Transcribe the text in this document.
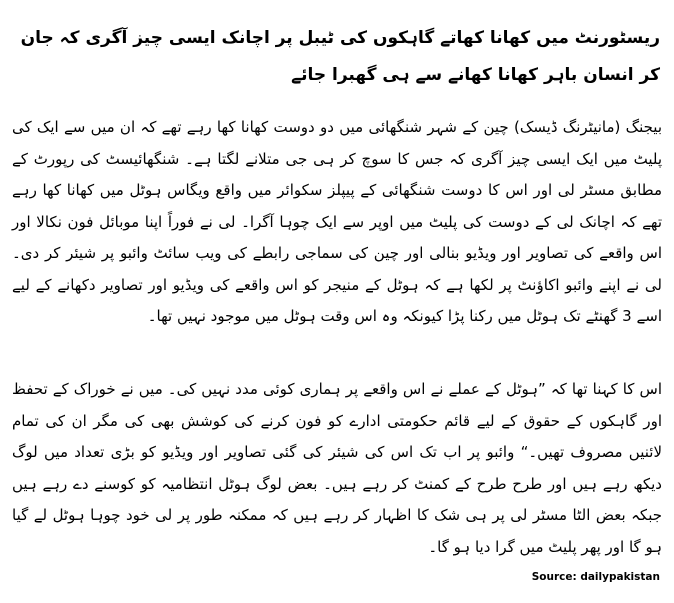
ریسٹورنٹ میں کھانا کھاتے گاہکوں کی ٹیبل پر اچانک ایسی چیز آگری کہ جان کر انسان باہر کھانا کھانے سے ہی گھبرا جائے

بیجنگ (مانیٹرنگ ڈیسک) چین کے شہر شنگھائی میں دو دوست کھانا کھا رہے تھے کہ ان میں سے ایک کی پلیٹ میں ایک ایسی چیز آگری کہ جس کا سوچ کر ہی جی متلانے لگتا ہے۔ شنگھائیسٹ کی رپورٹ کے مطابق مسٹر لی اور اس کا دوست شنگھائی کے پیپلز سکوائر میں واقع ویگاس ہوٹل میں کھانا کھا رہے تھے کہ اچانک لی کے دوست کی پلیٹ میں اوپر سے ایک چوہا آگرا۔ لی نے فوراً اپنا موبائل فون نکالا اور اس واقعے کی تصاویر اور ویڈیو بنالی اور چین کی سماجی رابطے کی ویب سائٹ وائبو پر شیئر کر دی۔ لی نے اپنے وائبو اکاﺅنٹ پر لکھا ہے کہ ہوٹل کے منیجر کو اس واقعے کی ویڈیو اور تصاویر دکھانے کے لیے اسے 3 گھنٹے تک ہوٹل میں رکنا پڑا کیونکہ وہ اس وقت ہوٹل میں موجود نہیں تھا۔

اس کا کہنا تھا کہ ”ہوٹل کے عملے نے اس واقعے پر ہماری کوئی مدد نہیں کی۔ میں نے خوراک کے تحفظ اور گاہکوں کے حقوق کے لیے قائم حکومتی ادارے کو فون کرنے کی کوشش بھی کی مگر ان کی تمام لائنیں مصروف تھیں۔“ وائبو پر اب تک اس کی شیئر کی گئی تصاویر اور ویڈیو کو بڑی تعداد میں لوگ دیکھ رہے ہیں اور طرح طرح کے کمنٹ کر رہے ہیں۔ بعض لوگ ہوٹل انتظامیہ کو کوسنے دے رہے ہیں جبکہ بعض الٹا مسٹر لی پر ہی شک کا اظہار کر رہے ہیں کہ ممکنہ طور پر لی خود چوہا ہوٹل لے گیا ہو گا اور پھر پلیٹ میں گرا دیا ہو گا۔

Source: dailypakistan
